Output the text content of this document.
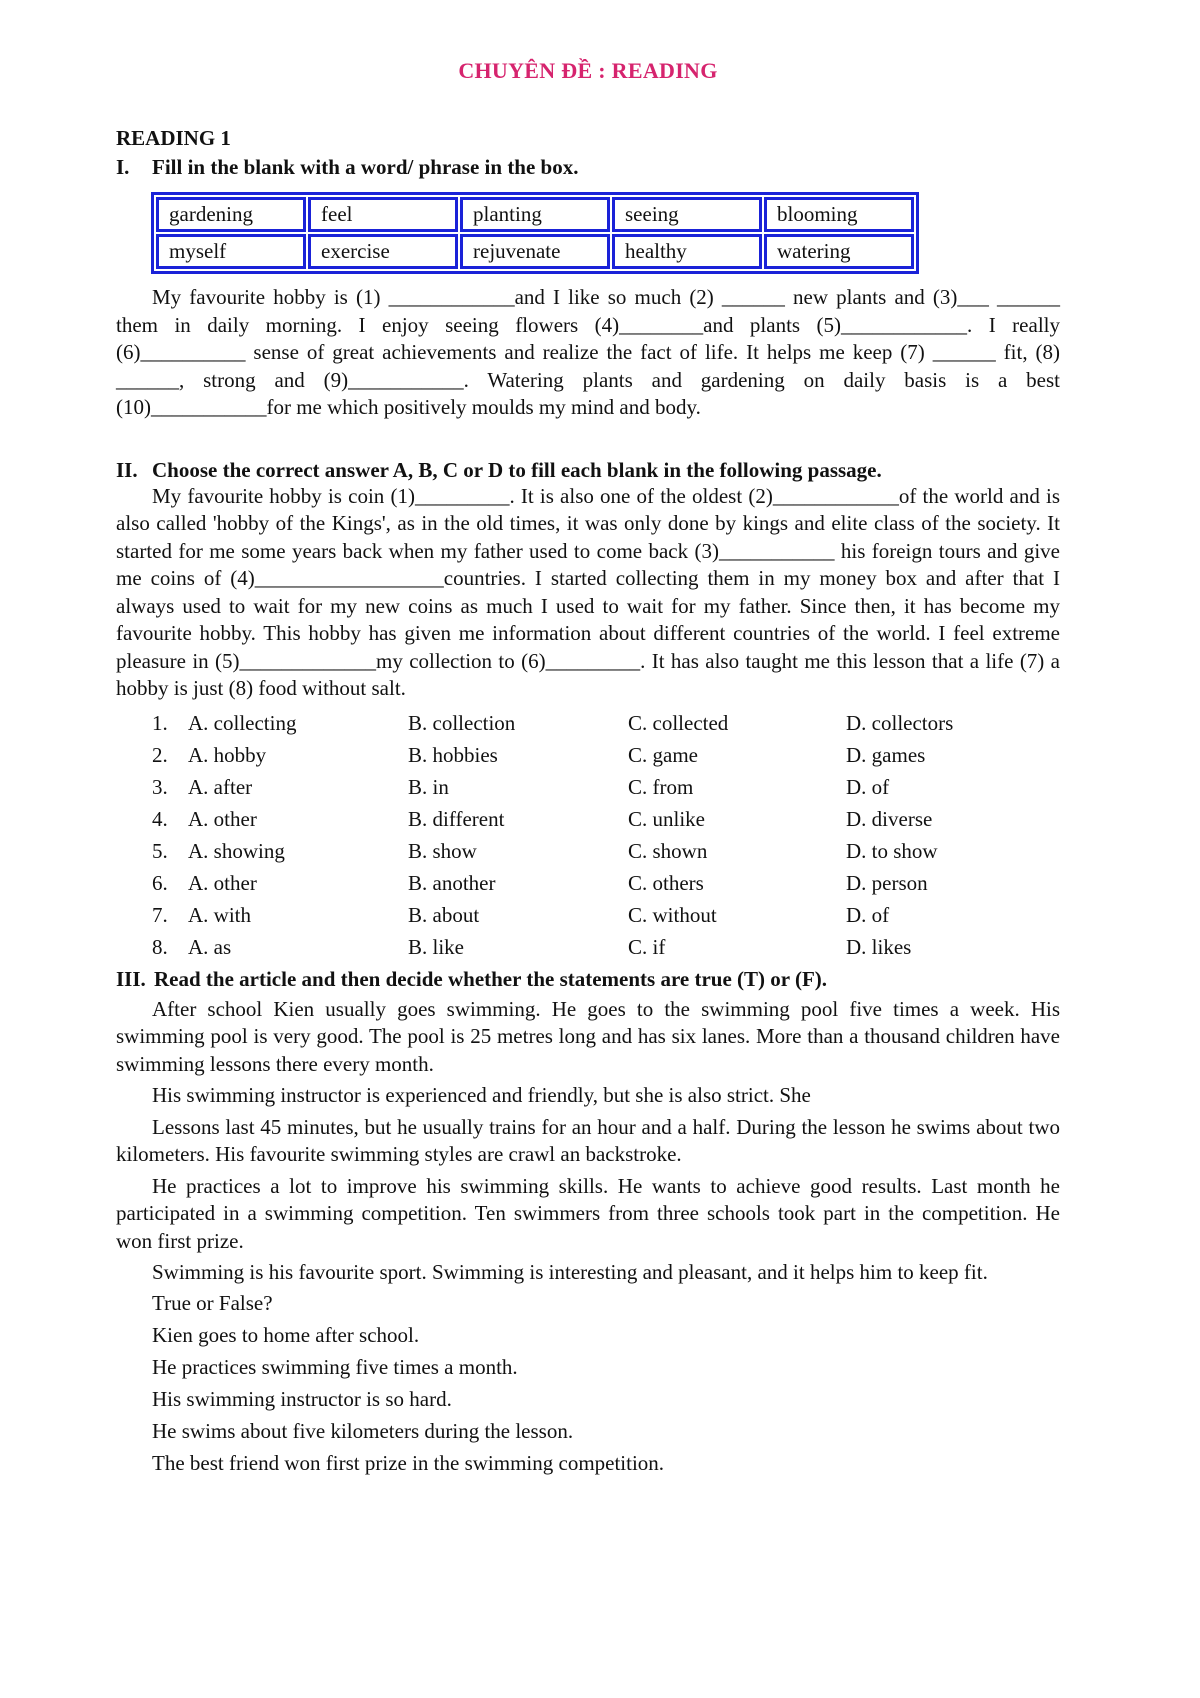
CHUYÊN ĐỀ : READING
READING 1
I.	Fill in the blank with a word/ phrase in the box.
gardening	feel	planting	seeing	blooming
myself	exercise	rejuvenate	healthy	watering

My favourite hobby is (1) ____________and I like so much (2) ______ new plants and (3)___ ______ them in daily morning. I enjoy seeing flowers (4)________and plants (5)____________. I really (6)__________ sense of great achievements and realize the fact of life. It helps me keep (7) ______ fit, (8) ______, strong and (9)___________. Watering plants and gardening on daily basis is a best (10)___________for me which positively moulds my mind and body.

II. Choose the correct answer A, B, C or D to fill each blank in the following passage.

My favourite hobby is coin (1)_________. It is also one of the oldest (2)____________of the world and is also called 'hobby of the Kings', as in the old times, it was only done by kings and elite class of the society. It started for me some years back when my father used to come back (3)___________ his foreign tours and give me coins of (4)__________________countries. I started collecting them in my money box and after that I always used to wait for my new coins as much I used to wait for my father. Since then, it has become my favourite hobby. This hobby has given me information about different countries of the world. I feel extreme pleasure in (5)_____________my collection to (6)_________. It has also taught me this lesson that a life (7) a hobby is just (8) food without salt.

1. A. collecting	B. collection	C. collected	D. collectors
2. A. hobby	B. hobbies	C. game	D. games
3. A. after	B. in	C. from	D. of
4. A. other	B. different	C. unlike	D. diverse
5. A. showing	B. show	C. shown	D. to show
6. A. other	B. another	C. others	D. person
7. A. with	B. about	C. without	D. of
8. A. as	B. like	C. if	D. likes
III. Read the article and then decide whether the statements are true (T) or (F).

After school Kien usually goes swimming. He goes to the swimming pool five times a week. His swimming pool is very good. The pool is 25 metres long and has six lanes. More than a thousand children have swimming lessons there every month.

His swimming instructor is experienced and friendly, but she is also strict. She

Lessons last 45 minutes, but he usually trains for an hour and a half. During the lesson he swims about two kilometers. His favourite swimming styles are crawl an backstroke.

He practices a lot to improve his swimming skills. He wants to achieve good results. Last month he participated in a swimming competition. Ten swimmers from three schools took part in the competition. He won first prize.

Swimming is his favourite sport. Swimming is interesting and pleasant, and it helps him to keep fit.

True or False?
Kien goes to home after school.
He practices swimming five times a month.
His swimming instructor is so hard.
He swims about five kilometers during the lesson.
The best friend won first prize in the swimming competition.
